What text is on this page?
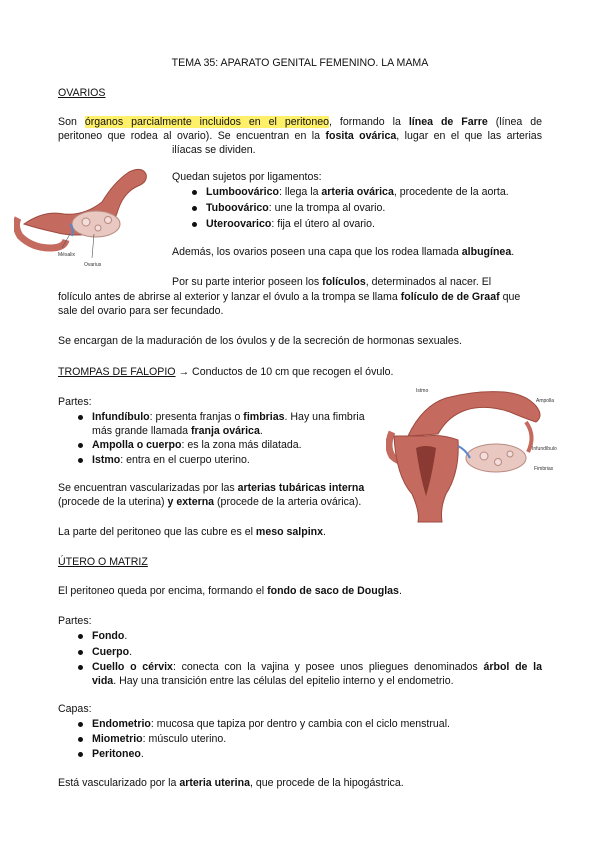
TEMA 35: APARATO GENITAL FEMENINO. LA MAMA
OVARIOS
Son órganos parcialmente incluidos en el peritoneo, formando la línea de Farre (línea de
peritoneo que rodea al ovario). Se encuentran en la fosita ovárica, lugar en el que las arterias
ilíacas se dividen.
Mésalix
Ovarius
Quedan sujetos por ligamentos:
Lumboovárico: llega la arteria ovárica, procedente de la aorta.
Tuboovárico: une la trompa al ovario.
Uteroovarico: fija el útero al ovario.
Además, los ovarios poseen una capa que los rodea llamada albugínea.
Por su parte interior poseen los folículos, determinados al nacer. El
folículo antes de abrirse al exterior y lanzar el óvulo a la trompa se llama folículo de de Graaf que
sale del ovario para ser fecundado.
Se encargan de la maduración de los óvulos y de la secreción de hormonas sexuales.
TROMPAS DE FALOPIO → Conductos de 10 cm que recogen el óvulo.
Partes:
Infundíbulo: presenta franjas o fimbrias. Hay una fimbria
más grande llamada franja ovárica.
Ampolla o cuerpo: es la zona más dilatada.
Istmo: entra en el cuerpo uterino.
Se encuentran vascularizadas por las arterias tubáricas interna
(procede de la uterina) y externa (procede de la arteria ovárica).
La parte del peritoneo que las cubre es el meso salpinx.
Istmo
Ampolla
Infundíbulo
Fimbrias
ÚTERO O MATRIZ
El peritoneo queda por encima, formando el fondo de saco de Douglas.
Partes:
Fondo.
Cuerpo.
Cuello o cérvix: conecta con la vajina y posee unos pliegues denominados árbol de la
vida. Hay una transición entre las células del epitelio interno y el endometrio.
Capas:
Endometrio: mucosa que tapiza por dentro y cambia con el ciclo menstrual.
Miometrio: músculo uterino.
Peritoneo.
Está vascularizado por la arteria uterina, que procede de la hipogástrica.
